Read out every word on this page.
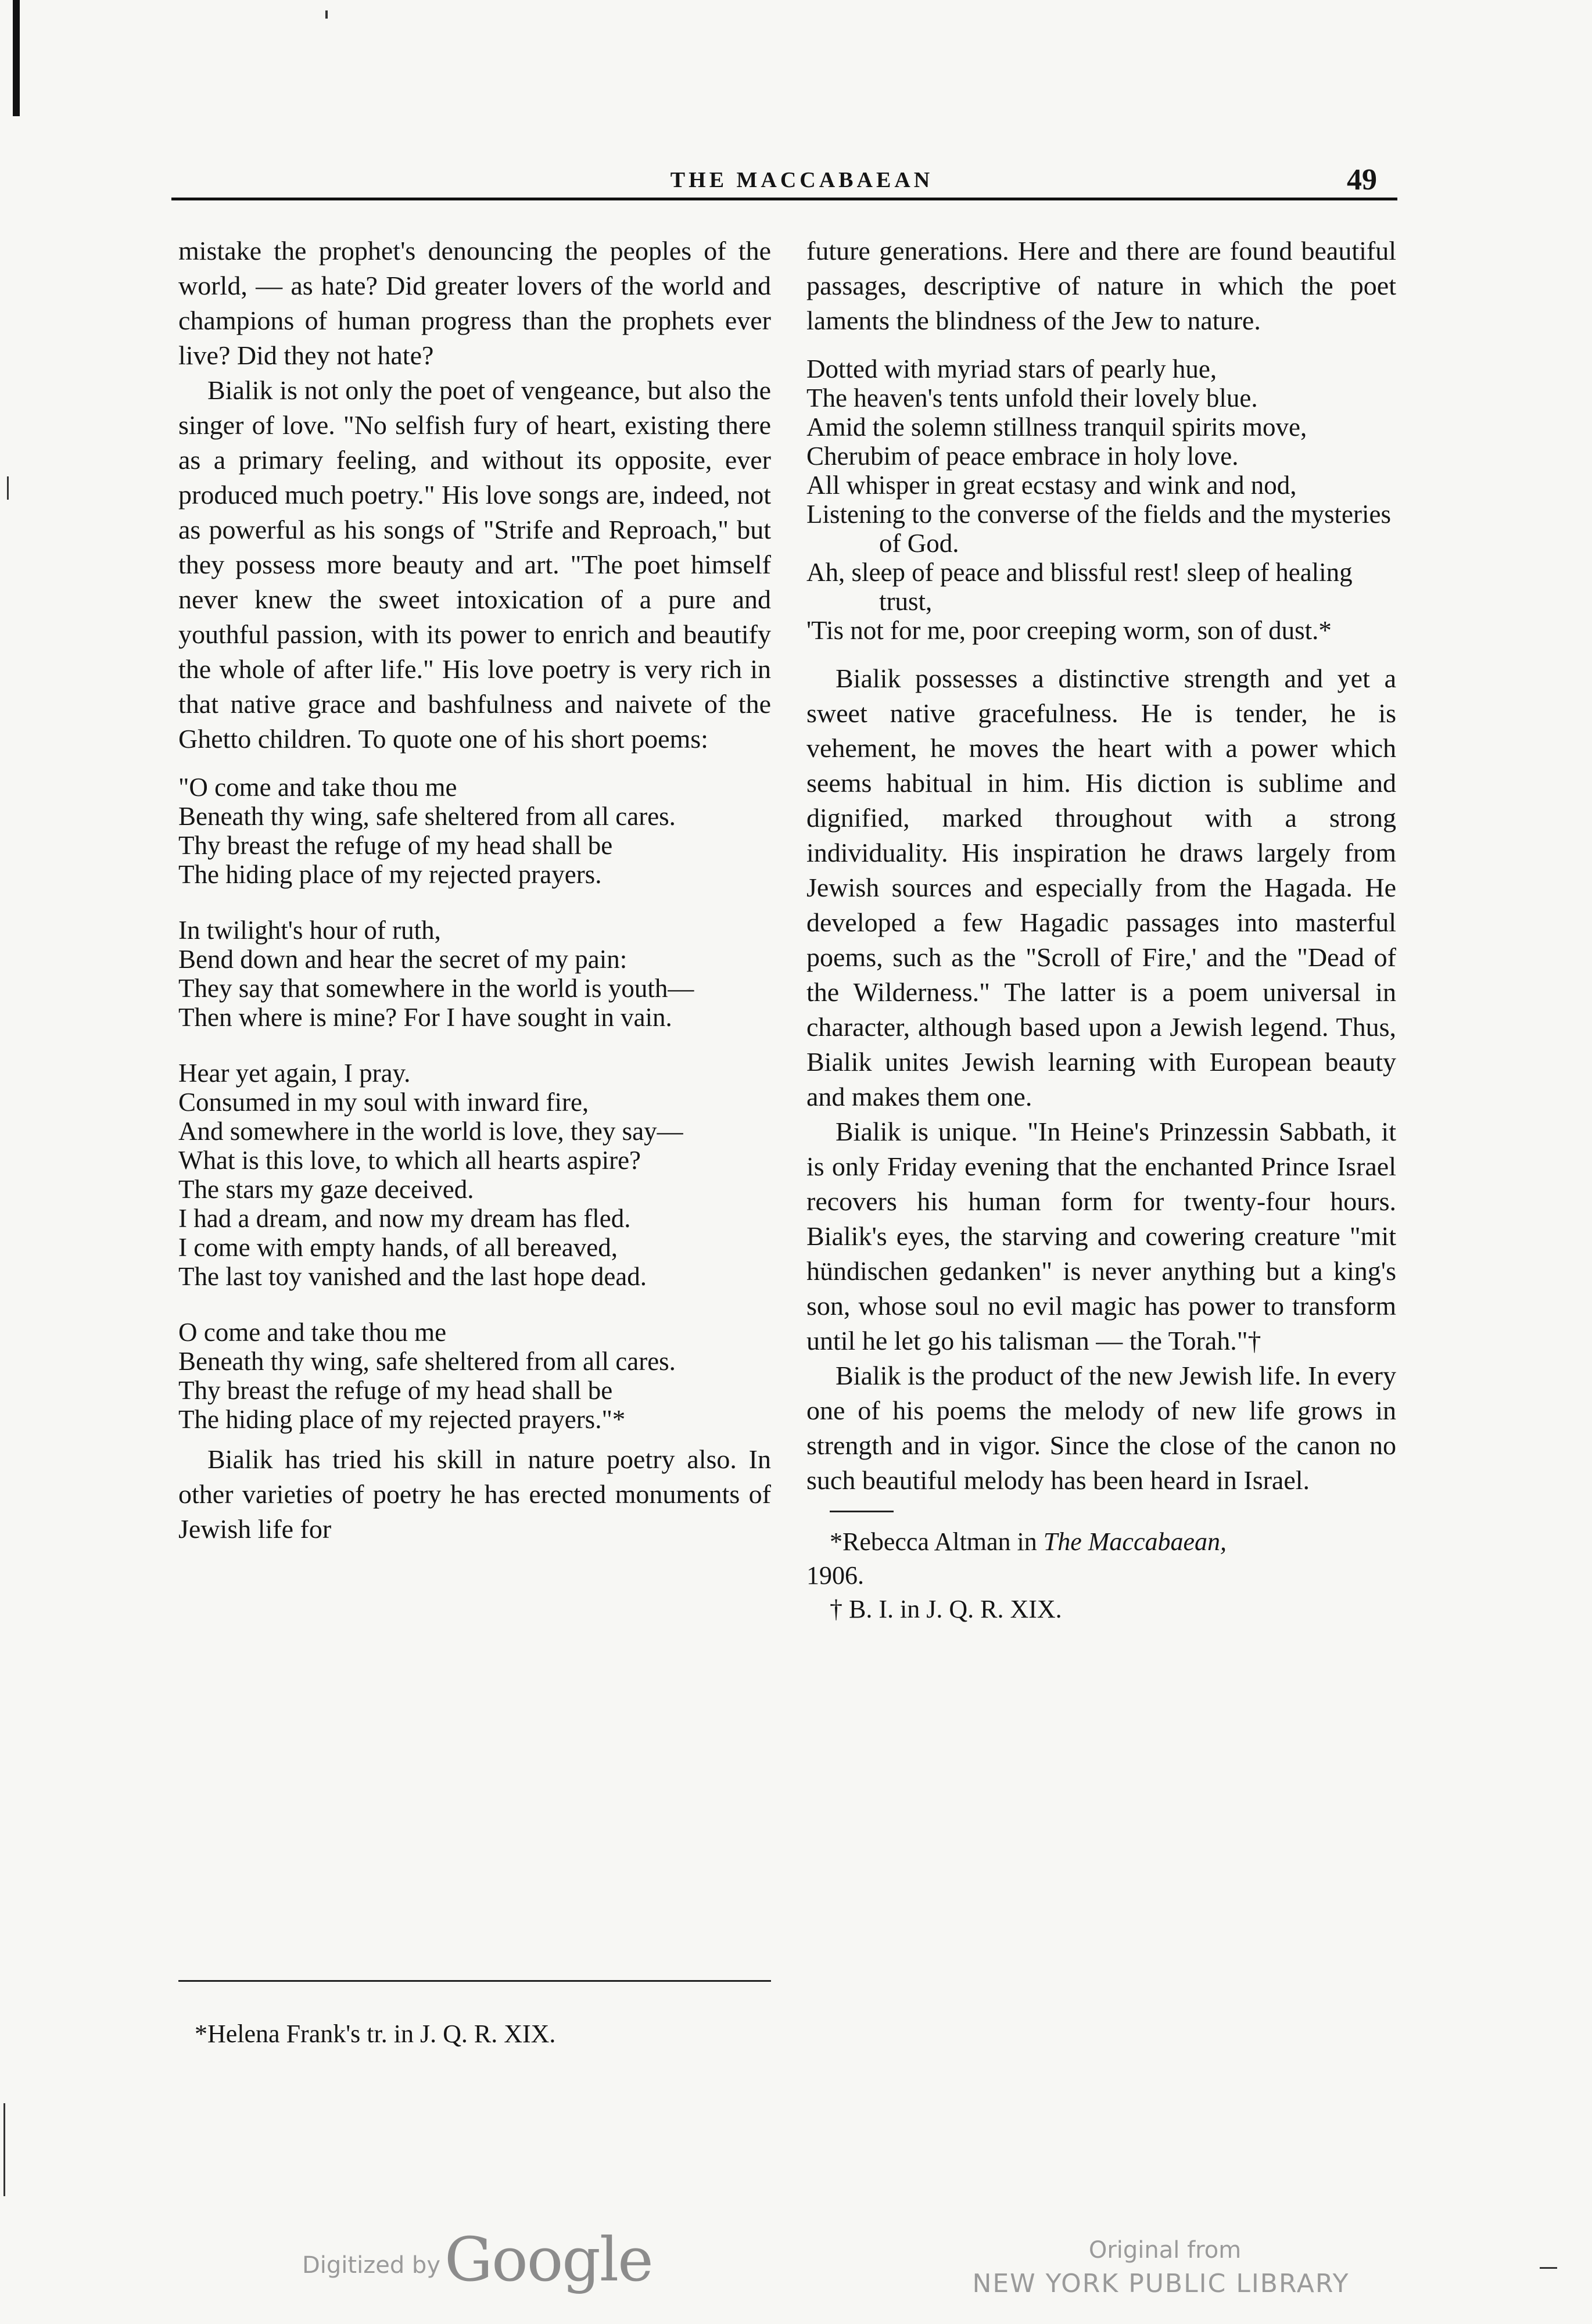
THE MACCABAEAN	49

mistake the prophet's denouncing the peoples of the world, — as hate? Did greater lovers of the world and champions of human progress than the prophets ever live? Did they not hate?

Bialik is not only the poet of vengeance, but also the singer of love. "No selfish fury of heart, existing there as a primary feeling, and without its opposite, ever produced much poetry." His love songs are, indeed, not as powerful as his songs of "Strife and Reproach," but they possess more beauty and art. "The poet himself never knew the sweet intoxication of a pure and youthful passion, with its power to enrich and beautify the whole of after life." His love poetry is very rich in that native grace and bashfulness and naivete of the Ghetto children. To quote one of his short poems:

"O come and take thou me
Beneath thy wing, safe sheltered from all cares.
Thy breast the refuge of my head shall be
The hiding place of my rejected prayers.
In twilight's hour of ruth,
Bend down and hear the secret of my pain:
They say that somewhere in the world is youth—
Then where is mine? For I have sought in vain.
Hear yet again, I pray.
Consumed in my soul with inward fire,
And somewhere in the world is love, they say—
What is this love, to which all hearts aspire?
The stars my gaze deceived.
I had a dream, and now my dream has fled.
I come with empty hands, of all bereaved,
The last toy vanished and the last hope dead.
O come and take thou me
Beneath thy wing, safe sheltered from all cares.
Thy breast the refuge of my head shall be
The hiding place of my rejected prayers."*

Bialik has tried his skill in nature poetry also. In other varieties of poetry he has erected monuments of Jewish life for

*Helena Frank's tr. in J. Q. R. XIX.

future generations. Here and there are found beautiful passages, descriptive of nature in which the poet laments the blindness of the Jew to nature.

Dotted with myriad stars of pearly hue,
The heaven's tents unfold their lovely blue.
Amid the solemn stillness tranquil spirits move,
Cherubim of peace embrace in holy love.
All whisper in great ecstasy and wink and nod,
Listening to the converse of the fields and the mysteries of God.
Ah, sleep of peace and blissful rest! sleep of healing trust,
'Tis not for me, poor creeping worm, son of dust.*

Bialik possesses a distinctive strength and yet a sweet native gracefulness. He is tender, he is vehement, he moves the heart with a power which seems habitual in him. His diction is sublime and dignified, marked throughout with a strong individuality. His inspiration he draws largely from Jewish sources and especially from the Hagada. He developed a few Hagadic passages into masterful poems, such as the "Scroll of Fire,' and the "Dead of the Wilderness." The latter is a poem universal in character, although based upon a Jewish legend. Thus, Bialik unites Jewish learning with European beauty and makes them one.

Bialik is unique. "In Heine's Prinzessin Sabbath, it is only Friday evening that the enchanted Prince Israel recovers his human form for twenty-four hours. Bialik's eyes, the starving and cowering creature "mit hündischen gedanken" is never anything but a king's son, whose soul no evil magic has power to transform until he let go his talisman — the Torah."†

Bialik is the product of the new Jewish life. In every one of his poems the melody of new life grows in strength and in vigor. Since the close of the canon no such beautiful melody has been heard in Israel.

*Rebecca Altman in The Maccabaean,
1906.
† B. I. in J. Q. R. XIX.
Digitized by Google	Original from
NEW YORK PUBLIC LIBRARY
